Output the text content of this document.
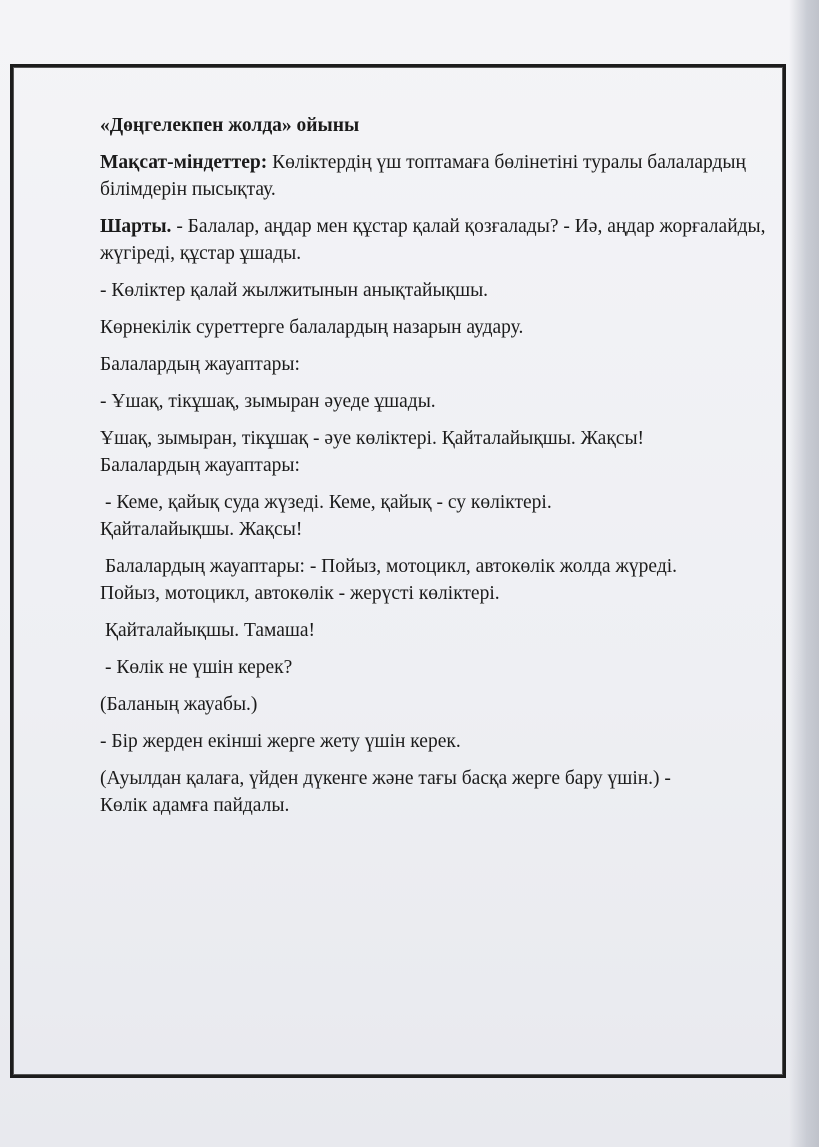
«Дөңгелекпен жолда» ойыны

Мақсат-міндеттер: Көліктердің үш топтамаға бөлінетіні туралы балалардың білімдерін пысықтау.

Шарты. - Балалар, аңдар мен құстар қалай қозғалады? - Иә, аңдар жорғалайды, жүгіреді, құстар ұшады.

- Көліктер қалай жылжитынын анықтайықшы.

Көрнекілік суреттерге балалардың назарын аудару.

Балалардың жауаптары:

- Ұшақ, тікұшақ, зымыран әуеде ұшады.

Ұшақ, зымыран, тікұшақ - әуе көліктері. Қайталайықшы. Жақсы!

Балалардың жауаптары:

- Кеме, қайық суда жүзеді. Кеме, қайық - су көліктері.

Қайталайықшы. Жақсы!

Балалардың жауаптары: - Пойыз, мотоцикл, автокөлік жолда жүреді.

Пойыз, мотоцикл, автокөлік - жерүсті көліктері.

Қайталайықшы. Тамаша!

- Көлік не үшін керек?

(Баланың жауабы.)

- Бір жерден екінші жерге жету үшін керек.

(Ауылдан қалаға, үйден дүкенге және тағы басқа жерге бару үшін.) -

Көлік адамға пайдалы.
